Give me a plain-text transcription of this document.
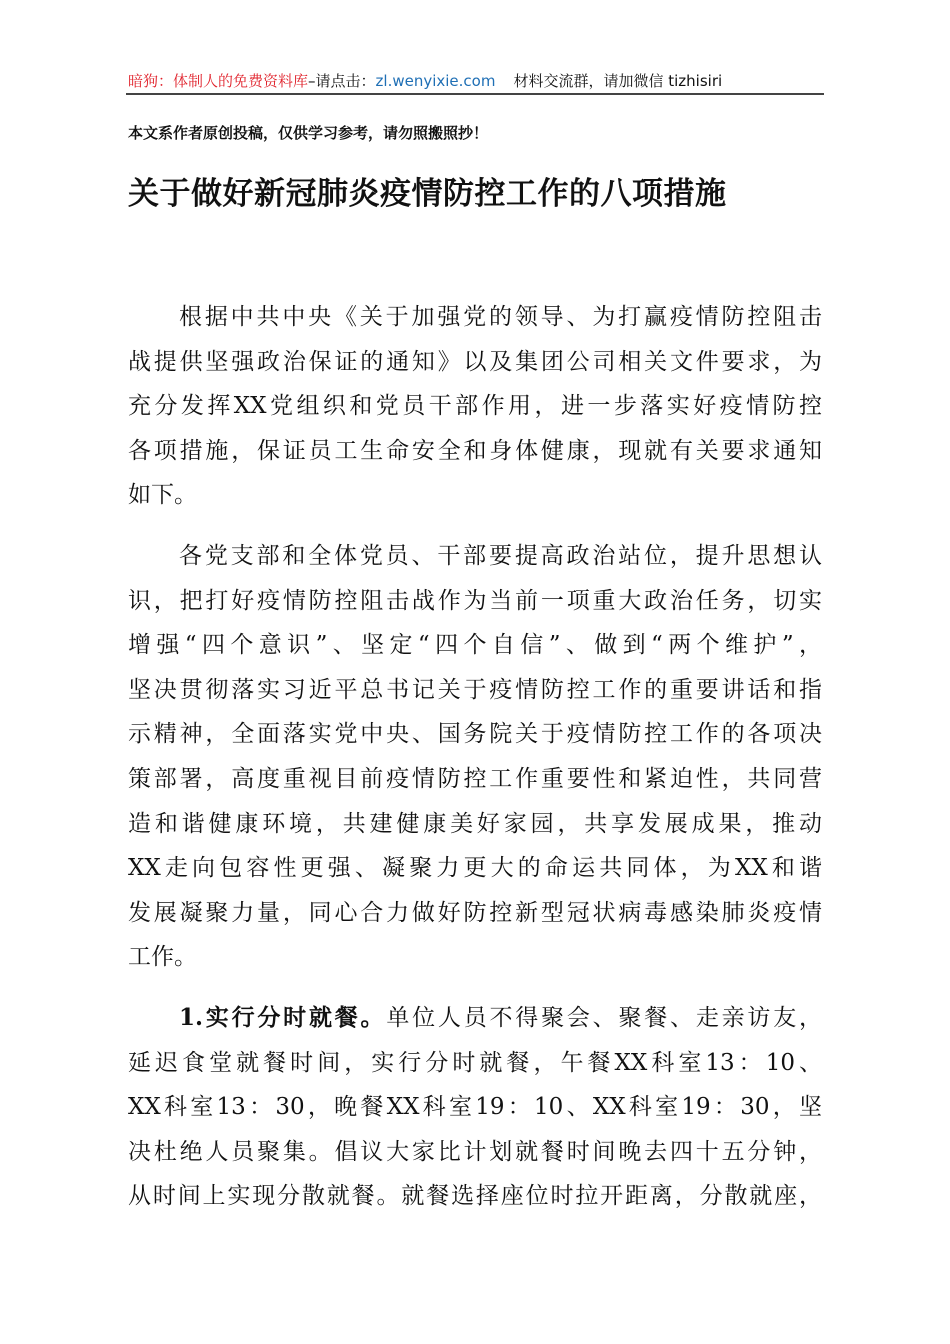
暗狗：体制人的免费资料库–请点击：zl.wenyixie.com 材料交流群，请加微信 tizhisiri
本文系作者原创投稿，仅供学习参考，请勿照搬照抄！
关于做好新冠肺炎疫情防控工作的八项措施
根据中共中央《关于加强党的领导、为打赢疫情防控阻击
战提供坚强政治保证的通知》以及集团公司相关文件要求，为
充分发挥XX党组织和党员干部作用，进一步落实好疫情防控
各项措施，保证员工生命安全和身体健康，现就有关要求通知
如下。
各党支部和全体党员、干部要提高政治站位，提升思想认
识，把打好疫情防控阻击战作为当前一项重大政治任务，切实
增强“四个意识”、坚定“四个自信”、做到“两个维护”，
坚决贯彻落实习近平总书记关于疫情防控工作的重要讲话和指
示精神，全面落实党中央、国务院关于疫情防控工作的各项决
策部署，高度重视目前疫情防控工作重要性和紧迫性，共同营
造和谐健康环境，共建健康美好家园，共享发展成果，推动
XX走向包容性更强、凝聚力更大的命运共同体，为XX和谐
发展凝聚力量，同心合力做好防控新型冠状病毒感染肺炎疫情
工作。
1.实行分时就餐。单位人员不得聚会、聚餐、走亲访友，
延迟食堂就餐时间，实行分时就餐，午餐XX科室13：10、
XX科室13：30，晚餐XX科室19：10、XX科室19：30，坚
决杜绝人员聚集。倡议大家比计划就餐时间晚去四十五分钟，
从时间上实现分散就餐。就餐选择座位时拉开距离，分散就座，
